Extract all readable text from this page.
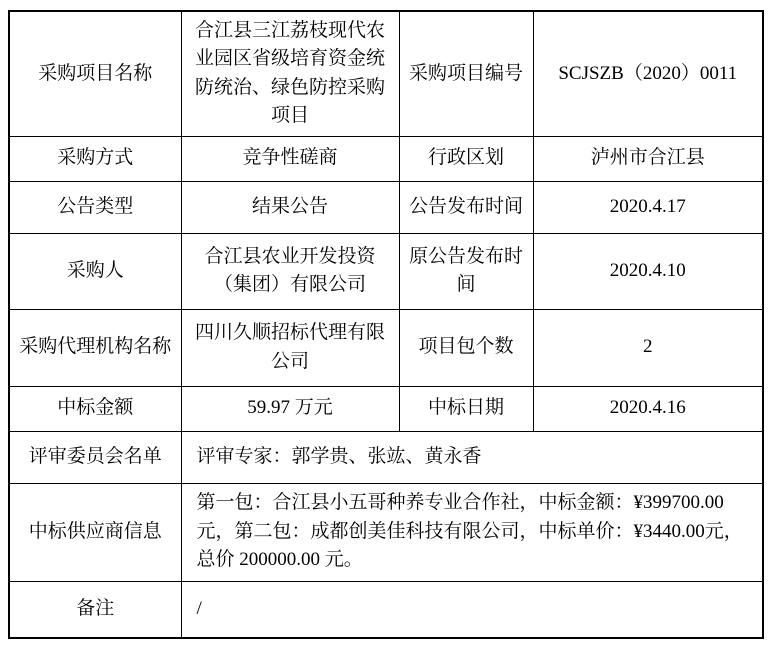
采购项目名称	合江县三江荔枝现代农业园区省级培育资金统防统治、绿色防控采购项目	采购项目编号	SCJSZB（2020）0011
采购方式	竞争性磋商	行政区划	泸州市合江县
公告类型	结果公告	公告发布时间	2020.4.17
采购人	合江县农业开发投资（集团）有限公司	原公告发布时间	2020.4.10
采购代理机构名称	四川久顺招标代理有限公司	项目包个数	2
中标金额	59.97 万元	中标日期	2020.4.16
评审委员会名单	评审专家：郭学贵、张竑、黄永香		
中标供应商信息	第一包：合江县小五哥种养专业合作社，中标金额：¥399700.00元，第二包：成都创美佳科技有限公司，中标单价：¥3440.00元，总价 200000.00 元。		
备注	/		
